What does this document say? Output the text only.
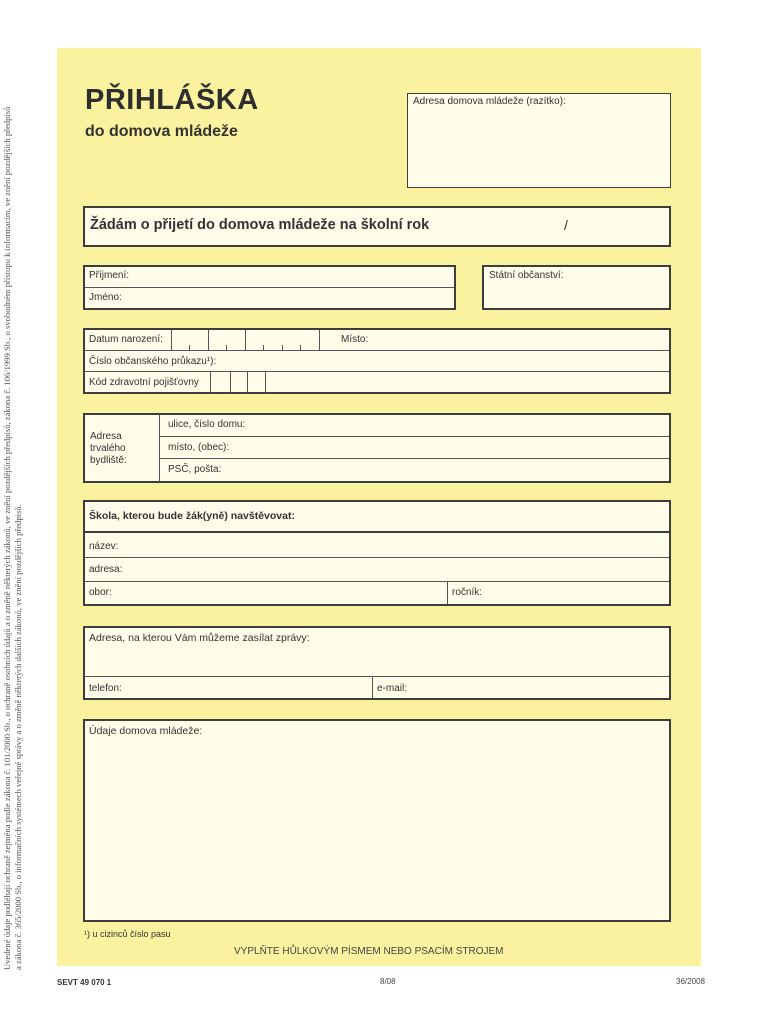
Uvedené údaje podléhají ochraně zejména podle zákona č. 101/2000 Sb., o ochraně osobních údajů a o změně některých zákonů, ve znění pozdějších předpisů, zákona č. 106/1999 Sb., o svobodném přístupu k informacím, ve znění pozdějších předpisů a zákona č. 365/2000 Sb., o informačních systémech veřejné správy a o změně některých dalších zákonů, ve znění pozdějších předpisů.
PŘIHLÁŠKA
do domova mládeže
Adresa domova mládeže (razítko):
Žádám o přijetí do domova mládeže na školní rok	/
Příjmení:
Jméno:
Státní občanství:
Datum narození:	Místo:
Číslo občanského průkazu¹):
Kód zdravotní pojišťovny
Adresa trvalého bydliště:
ulice, číslo domu:
místo, (obec):
PSČ, pošta:
Škola, kterou bude žák(yně) navštěvovat:
název:
adresa:
obor:	ročník:
Adresa, na kterou Vám můžeme zasílat zprávy:
telefon:	e-mail:
Údaje domova mládeže:
¹) u cizinců číslo pasu
VYPLŇTE HŮLKOVÝM PÍSMEM NEBO PSACÍM STROJEM
SEVT 49 070 1	8/08	36/2008
